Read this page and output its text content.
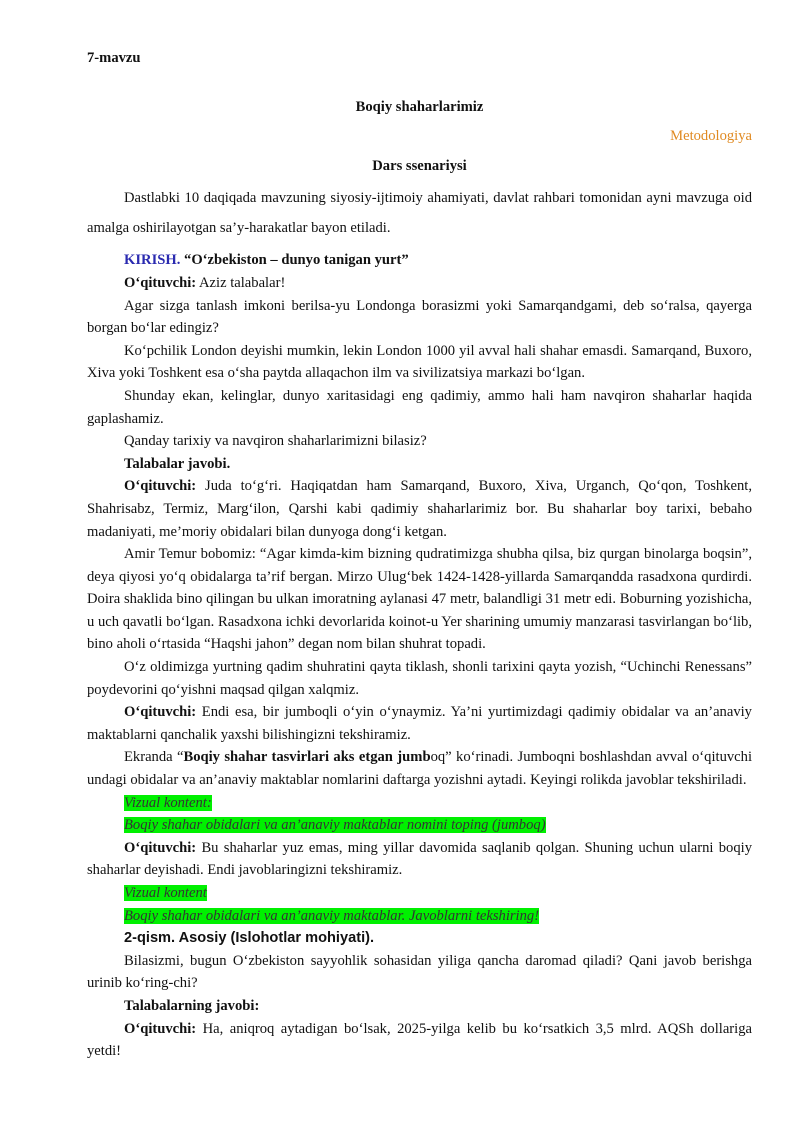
7-mavzu

Boqiy shaharlarimiz

Metodologiya

Dars ssenariysi

Dastlabki 10 daqiqada mavzuning siyosiy-ijtimoiy ahamiyati, davlat rahbari tomonidan ayni mavzuga oid amalga oshirilayotgan sa’y-harakatlar bayon etiladi.

KIRISH. “O‘zbekiston – dunyo tanigan yurt”

O‘qituvchi: Aziz talabalar!

Agar sizga tanlash imkoni berilsa-yu Londonga borasizmi yoki Samarqandgami, deb so‘ralsa, qayerga borgan bo‘lar edingiz?

Ko‘pchilik London deyishi mumkin, lekin London 1000 yil avval hali shahar emasdi. Samarqand, Buxoro, Xiva yoki Toshkent esa o‘sha paytda allaqachon ilm va sivilizatsiya markazi bo‘lgan.

Shunday ekan, kelinglar, dunyo xaritasidagi eng qadimiy, ammo hali ham navqiron shaharlar haqida gaplashamiz.

Qanday tarixiy va navqiron shaharlarimizni bilasiz?

Talabalar javobi.

O‘qituvchi: Juda to‘g‘ri. Haqiqatdan ham Samarqand, Buxoro, Xiva, Urganch, Qo‘qon, Toshkent, Shahrisabz, Termiz, Marg‘ilon, Qarshi kabi qadimiy shaharlarimiz bor. Bu shaharlar boy tarixi, bebaho madaniyati, me’moriy obidalari bilan dunyoga dong‘i ketgan.

Amir Temur bobomiz: “Agar kimda-kim bizning qudratimizga shubha qilsa, biz qurgan binolarga boqsin”, deya qiyosi yo‘q obidalarga ta’rif bergan. Mirzo Ulug‘bek 1424-1428-yillarda Samarqandda rasadxona qurdirdi. Doira shaklida bino qilingan bu ulkan imoratning aylanasi 47 metr, balandligi 31 metr edi. Boburning yozishicha, u uch qavatli bo‘lgan. Rasadxona ichki devorlarida koinot-u Yer sharining umumiy manzarasi tasvirlangan bo‘lib, bino aholi o‘rtasida “Haqshi jahon” degan nom bilan shuhrat topadi.

O‘z oldimizga yurtning qadim shuhratini qayta tiklash, shonli tarixini qayta yozish, “Uchinchi Renessans” poydevorini qo‘yishni maqsad qilgan xalqmiz.

O‘qituvchi: Endi esa, bir jumboqli o‘yin o‘ynaymiz. Ya’ni yurtimizdagi qadimiy obidalar va an’anaviy maktablarni qanchalik yaxshi bilishingizni tekshiramiz.

Ekranda “Boqiy shahar tasvirlari aks etgan jumboq” ko‘rinadi. Jumboqni boshlashdan avval o‘qituvchi undagi obidalar va an’anaviy maktablar nomlarini daftarga yozishni aytadi. Keyingi rolikda javoblar tekshiriladi.

Vizual kontent:

Boqiy shahar obidalari va an’anaviy maktablar nomini toping (jumboq)

O‘qituvchi: Bu shaharlar yuz emas, ming yillar davomida saqlanib qolgan. Shuning uchun ularni boqiy shaharlar deyishadi. Endi javoblaringizni tekshiramiz.

Vizual kontent

Boqiy shahar obidalari va an’anaviy maktablar. Javoblarni tekshiring!

2-qism. Asosiy (Islohotlar mohiyati).

Bilasizmi, bugun O‘zbekiston sayyohlik sohasidan yiliga qancha daromad qiladi? Qani javob berishga urinib ko‘ring-chi?

Talabalarning javobi:

O‘qituvchi: Ha, aniqroq aytadigan bo‘lsak, 2025-yilga kelib bu ko‘rsatkich 3,5 mlrd. AQSh dollariga yetdi!
